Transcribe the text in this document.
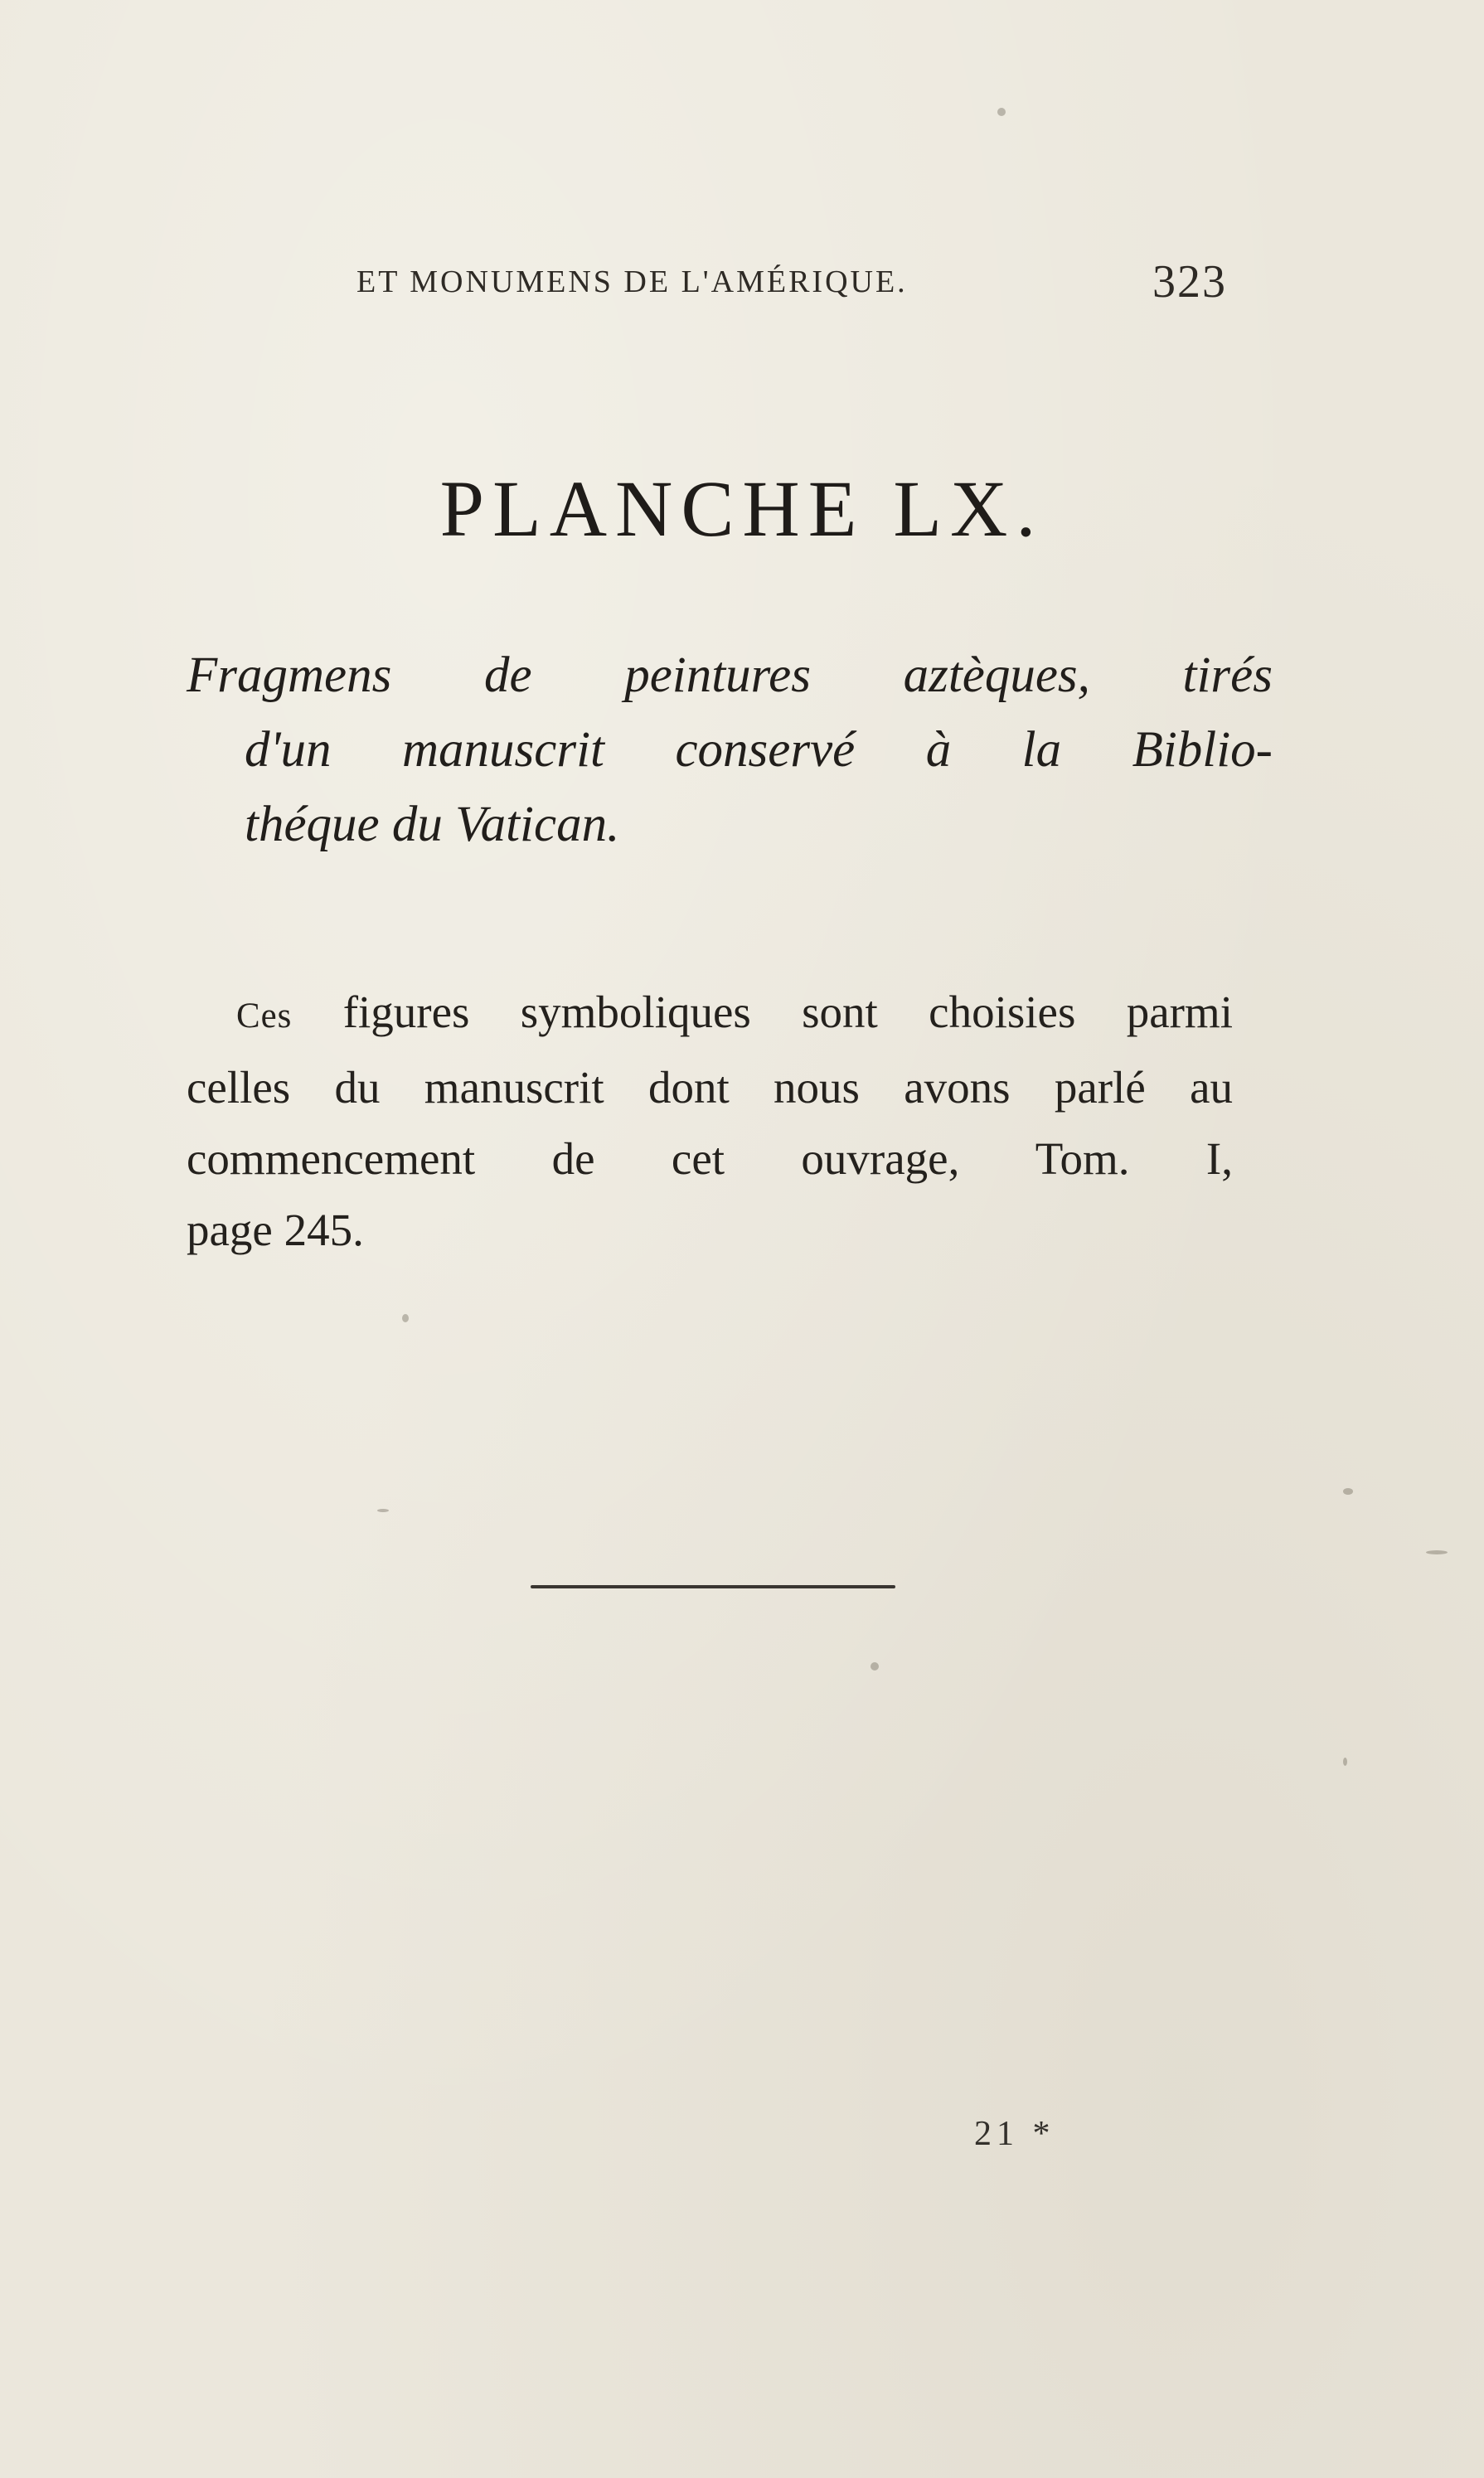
ET MONUMENS DE L'AMÉRIQUE.	323
PLANCHE LX.
Fragmens de peintures aztèques, tirés
d'un manuscrit conservé à la Biblio-
théque du Vatican.
Ces figures symboliques sont choisies parmi
celles du manuscrit dont nous avons parlé au
commencement de cet ouvrage, Tom. I,
page 245.
21 *
